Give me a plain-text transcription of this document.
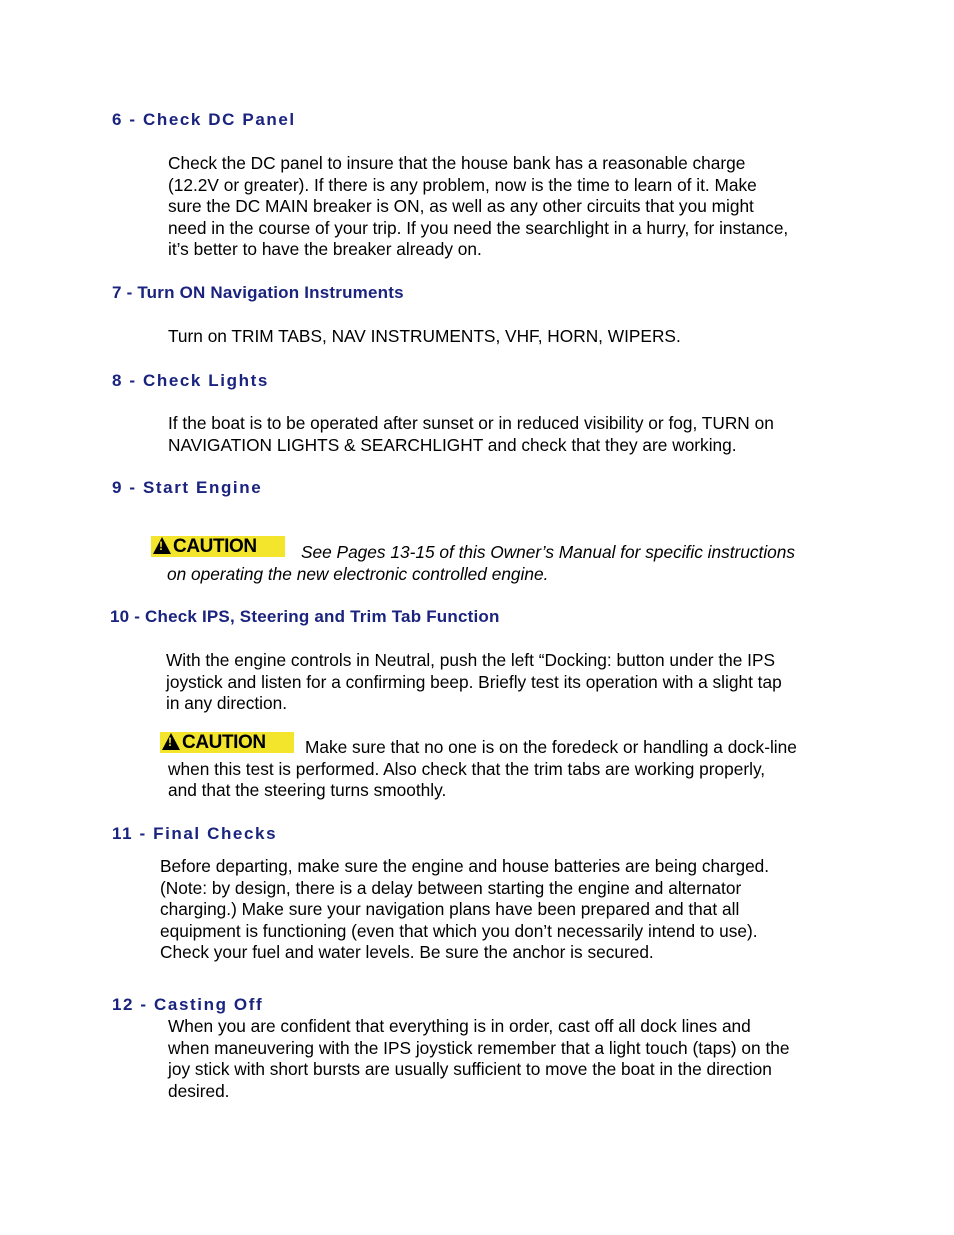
6 - Check DC Panel
Check the DC panel to insure that the house bank has a reasonable charge
(12.2V or greater). If there is any problem, now is the time to learn of it. Make
sure the DC MAIN breaker is ON, as well as any other circuits that you might
need in the course of your trip. If you need the searchlight in a hurry, for instance,
it’s better to have the breaker already on.
7 - Turn ON Navigation Instruments
Turn on TRIM TABS, NAV INSTRUMENTS, VHF, HORN, WIPERS.
8 - Check Lights
If the boat is to be operated after sunset or in reduced visibility or fog, TURN on
NAVIGATION LIGHTS & SEARCHLIGHT and check that they are working.
9 - Start Engine
!CAUTION	See Pages 13-15 of this Owner’s Manual for specific instructions
on operating the new electronic controlled engine.
10 - Check IPS, Steering and Trim Tab Function
With the engine controls in Neutral, push the left “Docking: button under the IPS
joystick and listen for a confirming beep. Briefly test its operation with a slight tap
in any direction.
!CAUTION	Make sure that no one is on the foredeck or handling a dock-line
when this test is performed. Also check that the trim tabs are working properly,
and that the steering turns smoothly.
11 - Final Checks
Before departing, make sure the engine and house batteries are being charged.
(Note: by design, there is a delay between starting the engine and alternator
charging.) Make sure your navigation plans have been prepared and that all
equipment is functioning (even that which you don’t necessarily intend to use).
Check your fuel and water levels. Be sure the anchor is secured.
12 - Casting Off
When you are confident that everything is in order, cast off all dock lines and
when maneuvering with the IPS joystick remember that a light touch (taps) on the
joy stick with short bursts are usually sufficient to move the boat in the direction
desired.
